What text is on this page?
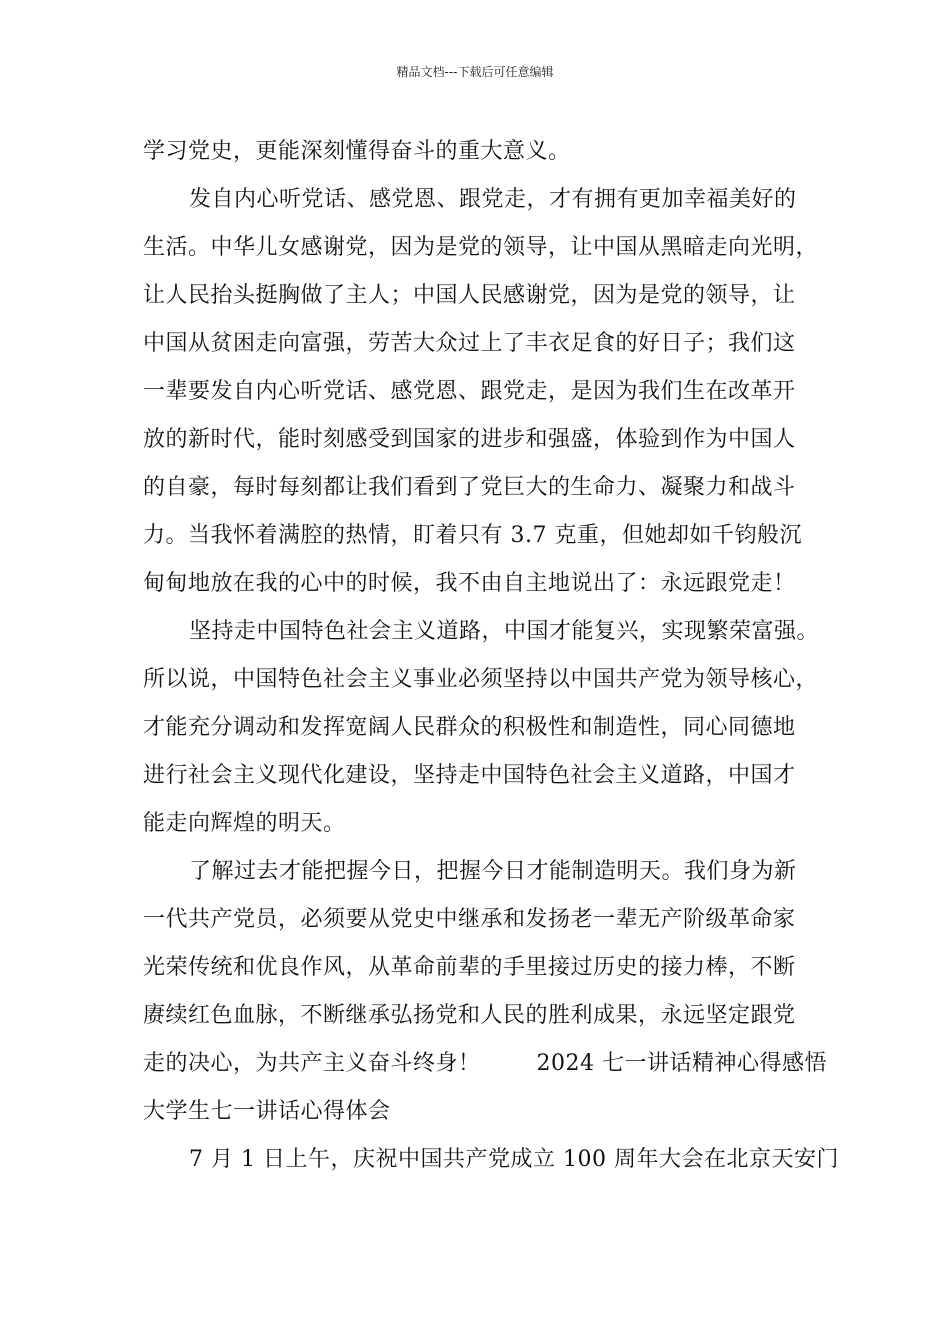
精品文档---下载后可任意编辑
学习党史，更能深刻懂得奋斗的重大意义。
发自内心听党话、感党恩、跟党走，才有拥有更加幸福美好的
生活。中华儿女感谢党，因为是党的领导，让中国从黑暗走向光明，
让人民抬头挺胸做了主人；中国人民感谢党，因为是党的领导，让
中国从贫困走向富强，劳苦大众过上了丰衣足食的好日子；我们这
一辈要发自内心听党话、感党恩、跟党走，是因为我们生在改革开
放的新时代，能时刻感受到国家的进步和强盛，体验到作为中国人
的自豪，每时每刻都让我们看到了党巨大的生命力、凝聚力和战斗
力。当我怀着满腔的热情，盯着只有 3.7 克重，但她却如千钧般沉
甸甸地放在我的心中的时候，我不由自主地说出了：永远跟党走！
坚持走中国特色社会主义道路，中国才能复兴，实现繁荣富强。
所以说，中国特色社会主义事业必须坚持以中国共产党为领导核心，
才能充分调动和发挥宽阔人民群众的积极性和制造性，同心同德地
进行社会主义现代化建设，坚持走中国特色社会主义道路，中国才
能走向辉煌的明天。
了解过去才能把握今日，把握今日才能制造明天。我们身为新
一代共产党员，必须要从党史中继承和发扬老一辈无产阶级革命家
光荣传统和优良作风，从革命前辈的手里接过历史的接力棒，不断
赓续红色血脉，不断继承弘扬党和人民的胜利成果，永远坚定跟党
走的决心，为共产主义奋斗终身！	2024 七一讲话精神心得感悟
大学生七一讲话心得体会
7 月 1 日上午，庆祝中国共产党成立 100 周年大会在北京天安门
